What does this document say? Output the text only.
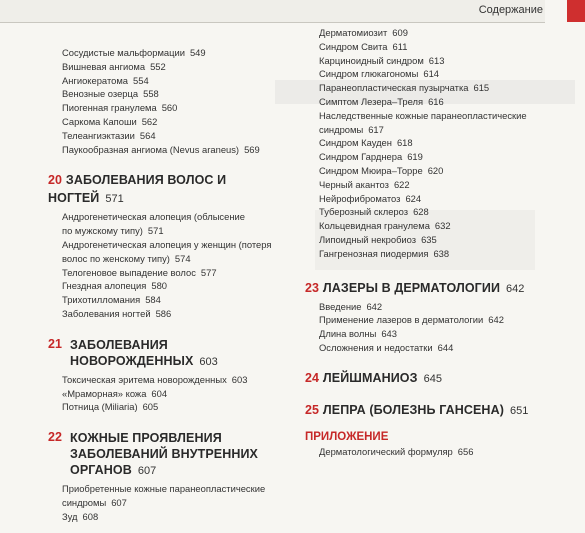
Содержание
Сосудистые мальформации 549
Вишневая ангиома 552
Ангиокератома 554
Венозные озерца 558
Пиогенная гранулема 560
Саркома Капоши 562
Телеангиэктазии 564
Паукообразная ангиома (Nevus araneus) 569
20 ЗАБОЛЕВАНИЯ ВОЛОС И НОГТЕЙ 571
Андрогенетическая алопеция (облысение
по мужскому типу) 571
Андрогенетическая алопеция у женщин (потеря
волос по женскому типу) 574
Телогеновое выпадение волос 577
Гнездная алопеция 580
Трихотилломания 584
Заболевания ногтей 586
21 ЗАБОЛЕВАНИЯ
НОВОРОЖДЕННЫХ 603
Токсическая эритема новорожденных 603
«Мраморная» кожа 604
Потница (Miliaria) 605
22 КОЖНЫЕ ПРОЯВЛЕНИЯ
ЗАБОЛЕВАНИЙ ВНУТРЕННИХ
ОРГАНОВ 607
Приобретенные кожные паранеопластические
синдромы 607
Зуд 608
Дерматомиозит 609
Синдром Свита 611
Карциноидный синдром 613
Синдром глюкагономы 614
Паранеопластическая пузырчатка 615
Симптом Лезера–Треля 616
Наследственные кожные паранеопластические
синдромы 617
Синдром Кауден 618
Синдром Гарднера 619
Синдром Мюира–Торре 620
Черный акантоз 622
Нейрофиброматоз 624
Туберозный склероз 628
Кольцевидная гранулема 632
Липоидный некробиоз 635
Гангренозная пиодермия 638
23 ЛАЗЕРЫ В ДЕРМАТОЛОГИИ 642
Введение 642
Применение лазеров в дерматологии 642
Длина волны 643
Осложнения и недостатки 644
24 ЛЕЙШМАНИОЗ 645
25 ЛЕПРА (БОЛЕЗНЬ ГАНСЕНА) 651
ПРИЛОЖЕНИЕ
Дерматологический формуляр 656
